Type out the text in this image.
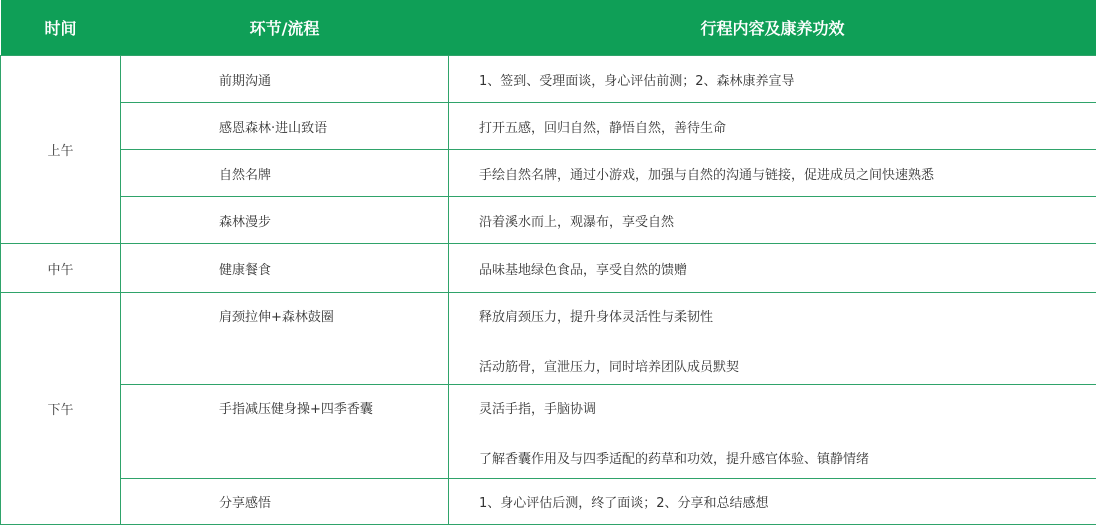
时间	环节/流程	行程内容及康养功效
上午	前期沟通	1、签到、受理面谈，身心评估前测；2、森林康养宣导
	感恩森林·进山致语	打开五感，回归自然，静悟自然，善待生命
	自然名牌	手绘自然名牌，通过小游戏，加强与自然的沟通与链接，促进成员之间快速熟悉
	森林漫步	沿着溪水而上，观瀑布，享受自然
中午	健康餐食	品味基地绿色食品，享受自然的馈赠
下午	肩颈拉伸+森林鼓圈	释放肩颈压力，提升身体灵活性与柔韧性
活动筋骨，宣泄压力，同时培养团队成员默契

	手指减压健身操+四季香囊	灵活手指，手脑协调
了解香囊作用及与四季适配的药草和功效，提升感官体验、镇静情绪

	分享感悟	1、身心评估后测，终了面谈；2、分享和总结感想
